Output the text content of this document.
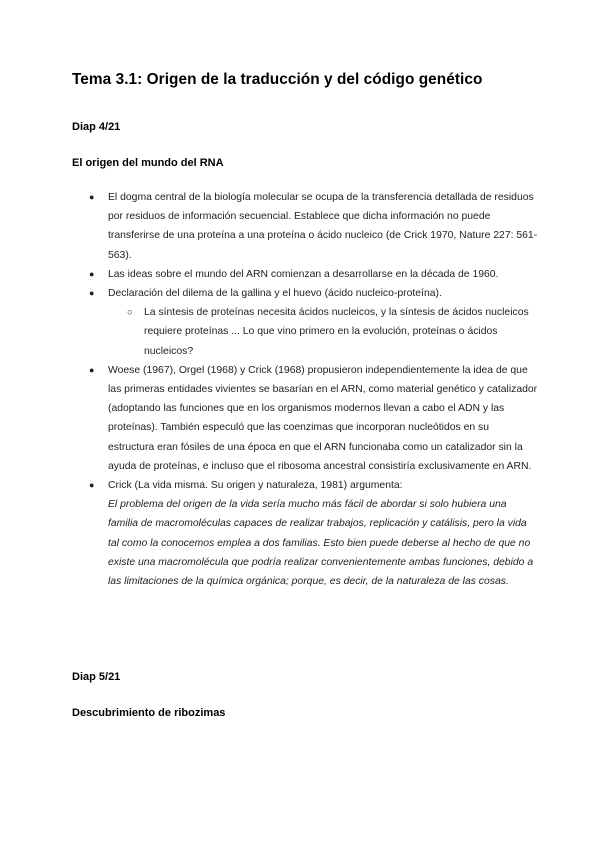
Tema 3.1: Origen de la traducción y del código genético
Diap 4/21
El origen del mundo del RNA
● El dogma central de la biología molecular se ocupa de la transferencia detallada de residuos por residuos de información secuencial. Establece que dicha información no puede transferirse de una proteína a una proteína o ácido nucleico (de Crick 1970, Nature 227: 561-563).
● Las ideas sobre el mundo del ARN comienzan a desarrollarse en la década de 1960.
● Declaración del dilema de la gallina y el huevo (ácido nucleico-proteína).
○ La síntesis de proteínas necesita ácidos nucleicos, y la síntesis de ácidos nucleicos requiere proteínas ... Lo que vino primero en la evolución, proteínas o ácidos nucleicos?
● Woese (1967), Orgel (1968) y Crick (1968) propusieron independientemente la idea de que las primeras entidades vivientes se basarían en el ARN, como material genético y catalizador (adoptando las funciones que en los organismos modernos llevan a cabo el ADN y las proteínas). También especuló que las coenzimas que incorporan nucleótidos en su estructura eran fósiles de una época en que el ARN funcionaba como un catalizador sin la ayuda de proteínas, e incluso que el ribosoma ancestral consistiría exclusivamente en ARN.
● Crick (La vida misma. Su origen y naturaleza, 1981) argumenta:
El problema del origen de la vida sería mucho más fácil de abordar si solo hubiera una familia de macromoléculas capaces de realizar trabajos, replicación y catálisis, pero la vida tal como la conocemos emplea a dos familias. Esto bien puede deberse al hecho de que no existe una macromolécula que podría realizar convenientemente ambas funciones, debido a las limitaciones de la química orgánica; porque, es decir, de la naturaleza de las cosas.
Diap 5/21
Descubrimiento de ribozimas
